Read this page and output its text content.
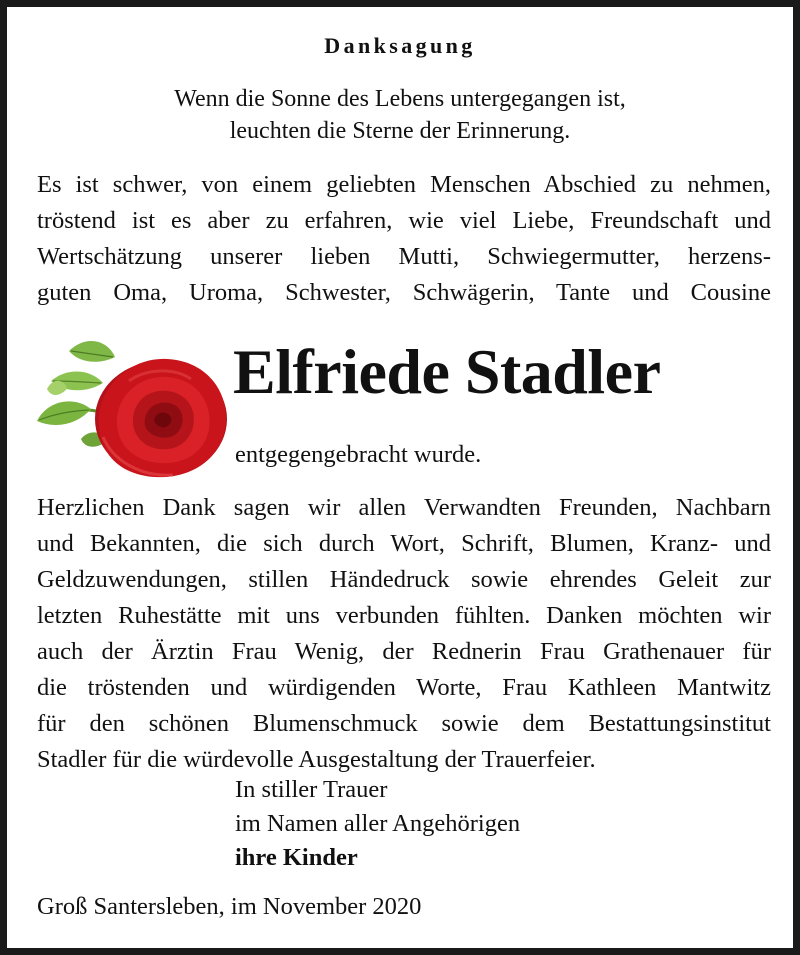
Danksagung
Wenn die Sonne des Lebens untergegangen ist,
leuchten die Sterne der Erinnerung.
Es ist schwer, von einem geliebten Menschen Abschied zu nehmen,
tröstend ist es aber zu erfahren, wie viel Liebe, Freundschaft und
Wertschätzung unserer lieben Mutti, Schwiegermutter, herzens-
guten Oma, Uroma, Schwester, Schwägerin, Tante und Cousine
Elfriede Stadler
entgegengebracht wurde.
Herzlichen Dank sagen wir allen Verwandten Freunden, Nachbarn
und Bekannten, die sich durch Wort, Schrift, Blumen, Kranz- und
Geldzuwendungen, stillen Händedruck sowie ehrendes Geleit zur
letzten Ruhestätte mit uns verbunden fühlten. Danken möchten wir
auch der Ärztin Frau Wenig, der Rednerin Frau Grathenauer für
die tröstenden und würdigenden Worte, Frau Kathleen Mantwitz
für den schönen Blumenschmuck sowie dem Bestattungsinstitut
Stadler für die würdevolle Ausgestaltung der Trauerfeier.
In stiller Trauer
im Namen aller Angehörigen
ihre Kinder
Groß Santersleben, im November 2020
